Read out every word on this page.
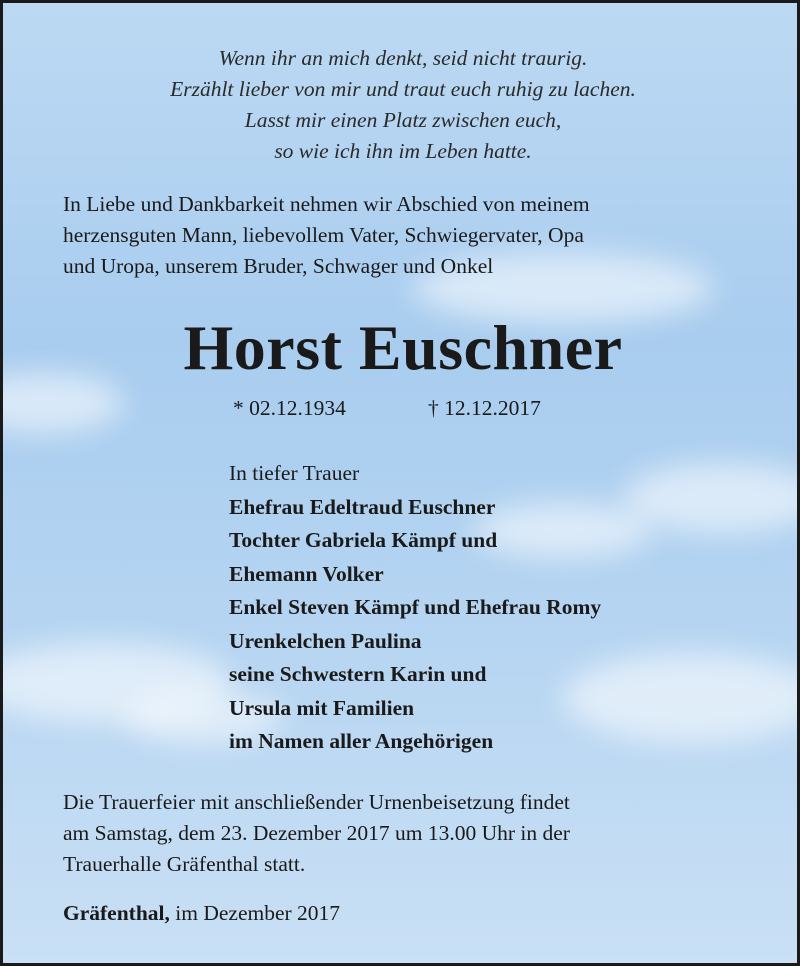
Wenn ihr an mich denkt, seid nicht traurig.
Erzählt lieber von mir und traut euch ruhig zu lachen.
Lasst mir einen Platz zwischen euch,
so wie ich ihn im Leben hatte.
In Liebe und Dankbarkeit nehmen wir Abschied von meinem
herzensguten Mann, liebevollem Vater, Schwiegervater, Opa
und Uropa, unserem Bruder, Schwager und Onkel
Horst Euschner
* 02.12.1934	† 12.12.2017
In tiefer Trauer
Ehefrau Edeltraud Euschner
Tochter Gabriela Kämpf und
Ehemann Volker
Enkel Steven Kämpf und Ehefrau Romy
Urenkelchen Paulina
seine Schwestern Karin und
Ursula mit Familien
im Namen aller Angehörigen
Die Trauerfeier mit anschließender Urnenbeisetzung findet
am Samstag, dem 23. Dezember 2017 um 13.00 Uhr in der
Trauerhalle Gräfenthal statt.
Gräfenthal, im Dezember 2017
